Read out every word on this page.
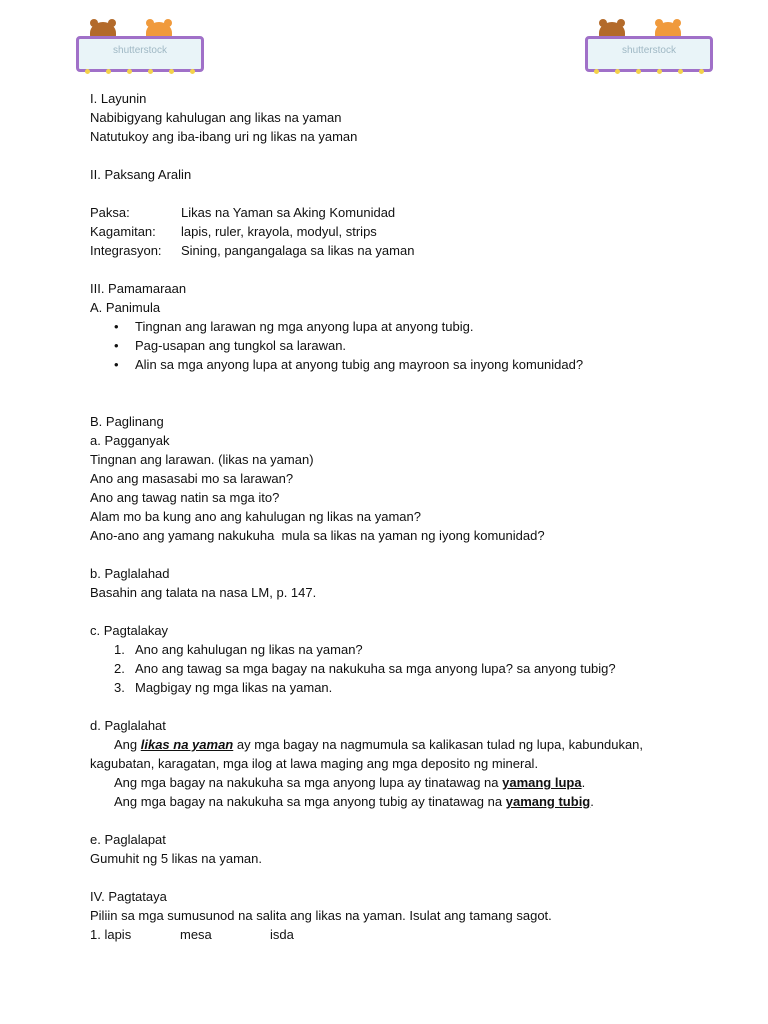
shutterstock	shutterstock
I. Layunin
Nabibigyang kahulugan ang likas na yaman
Natutukoy ang iba-ibang uri ng likas na yaman
II. Paksang Aralin
Paksa:	Likas na Yaman sa Aking Komunidad
Kagamitan:	lapis, ruler, krayola, modyul, strips
Integrasyon:	Sining, pangangalaga sa likas na yaman
III. Pamamaraan
A. Panimula
• Tingnan ang larawan ng mga anyong lupa at anyong tubig.
• Pag-usapan ang tungkol sa larawan.
• Alin sa mga anyong lupa at anyong tubig ang mayroon sa inyong komunidad?
B. Paglinang
a. Pagganyak
Tingnan ang larawan. (likas na yaman)
Ano ang masasabi mo sa larawan?
Ano ang tawag natin sa mga ito?
Alam mo ba kung ano ang kahulugan ng likas na yaman?
Ano-ano ang yamang nakukuha  mula sa likas na yaman ng iyong komunidad?
b. Paglalahad
Basahin ang talata na nasa LM, p. 147.
c. Pagtalakay
1. Ano ang kahulugan ng likas na yaman?
2. Ano ang tawag sa mga bagay na nakukuha sa mga anyong lupa? sa anyong tubig?
3. Magbigay ng mga likas na yaman.
d. Paglalahat
Ang likas na yaman ay mga bagay na nagmumula sa kalikasan tulad ng lupa, kabundukan,
kagubatan, karagatan, mga ilog at lawa maging ang mga deposito ng mineral.
Ang mga bagay na nakukuha sa mga anyong lupa ay tinatawag na yamang lupa.
Ang mga bagay na nakukuha sa mga anyong tubig ay tinatawag na yamang tubig.
e. Paglalapat
Gumuhit ng 5 likas na yaman.
IV. Pagtataya
Piliin sa mga sumusunod na salita ang likas na yaman. Isulat ang tamang sagot.
1. lapis	mesa	isda
